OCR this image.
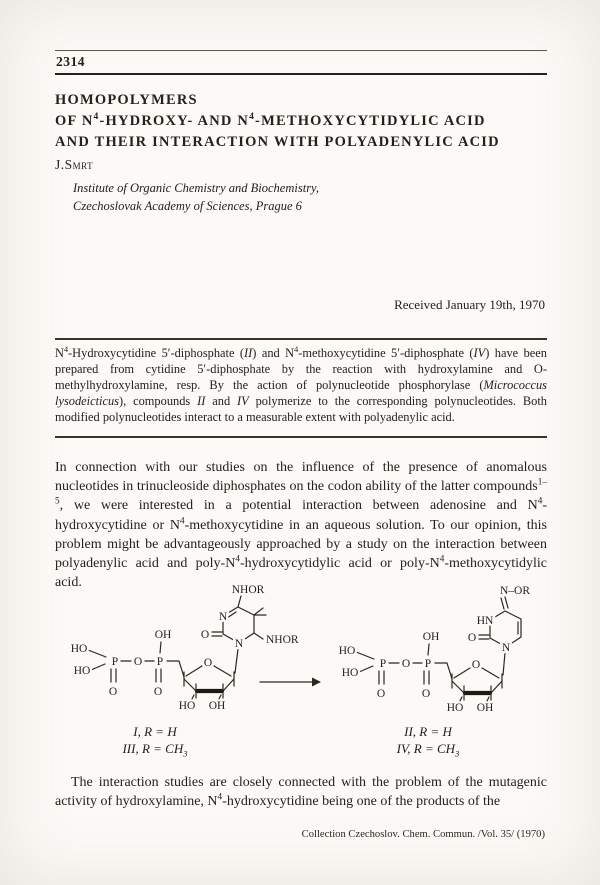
2314
HOMOPOLYMERS
OF $N^4-HYDROXY-$ AND $N^4$-METHOXYCYTIDYLIC ACID
AND THEIR INTERACTION WITH POLYADENYLIC ACID
J.Smrt
Institute of Organic Chemistry and Biochemistry,
Czechoslovak Academy of Sciences, Prague 6
Received January 19th, 1970
$N^4$-Hydroxycytidine 5′-diphosphate (II) and $N^4$-methoxycytidine 5′-diphosphate (IV) have been prepared from cytidine 5′-diphosphate by the reaction with hydroxylamine and O-methylhydroxylamine, resp. By the action of polynucleotide phosphorylase (Micrococcus lysodeicticus), compounds II and IV polymerize to the corresponding polynucleotides. Both modified polynucleotides interact to a measurable extent with polyadenylic acid.
In connection with our studies on the influence of the presence of anomalous nucleotides in trinucleoside diphosphates on the codon ability of the latter compounds$^{1-5}$, we were interested in a potential interaction between adenosine and $N^4$-hydroxycytidine or $N^4$-methoxycytidine in an aqueous solution. To our opinion, this problem might be advantageously approached by a study on the interaction between polyadenylic acid and poly-$N^4$-hydroxycytidylic acid or poly-$N^4$-methoxycytidylic acid.
HO
HO
P
O
O P
OH
O
O
HO OH
N
N
O
NHOR
NHOR
HO
HO
P
O
O P
OH
O
O
HO OH
N
HN
O
N–OR
I, R = H
III, $R = CH_3$
II, R = H
IV, $R = CH_3$
The interaction studies are closely connected with the problem of the mutagenic activity of hydroxylamine, $N^4$-hydroxycytidine being one of the products of the
Collection Czechoslov. Chem. Commun. /Vol. 35/ (1970)
